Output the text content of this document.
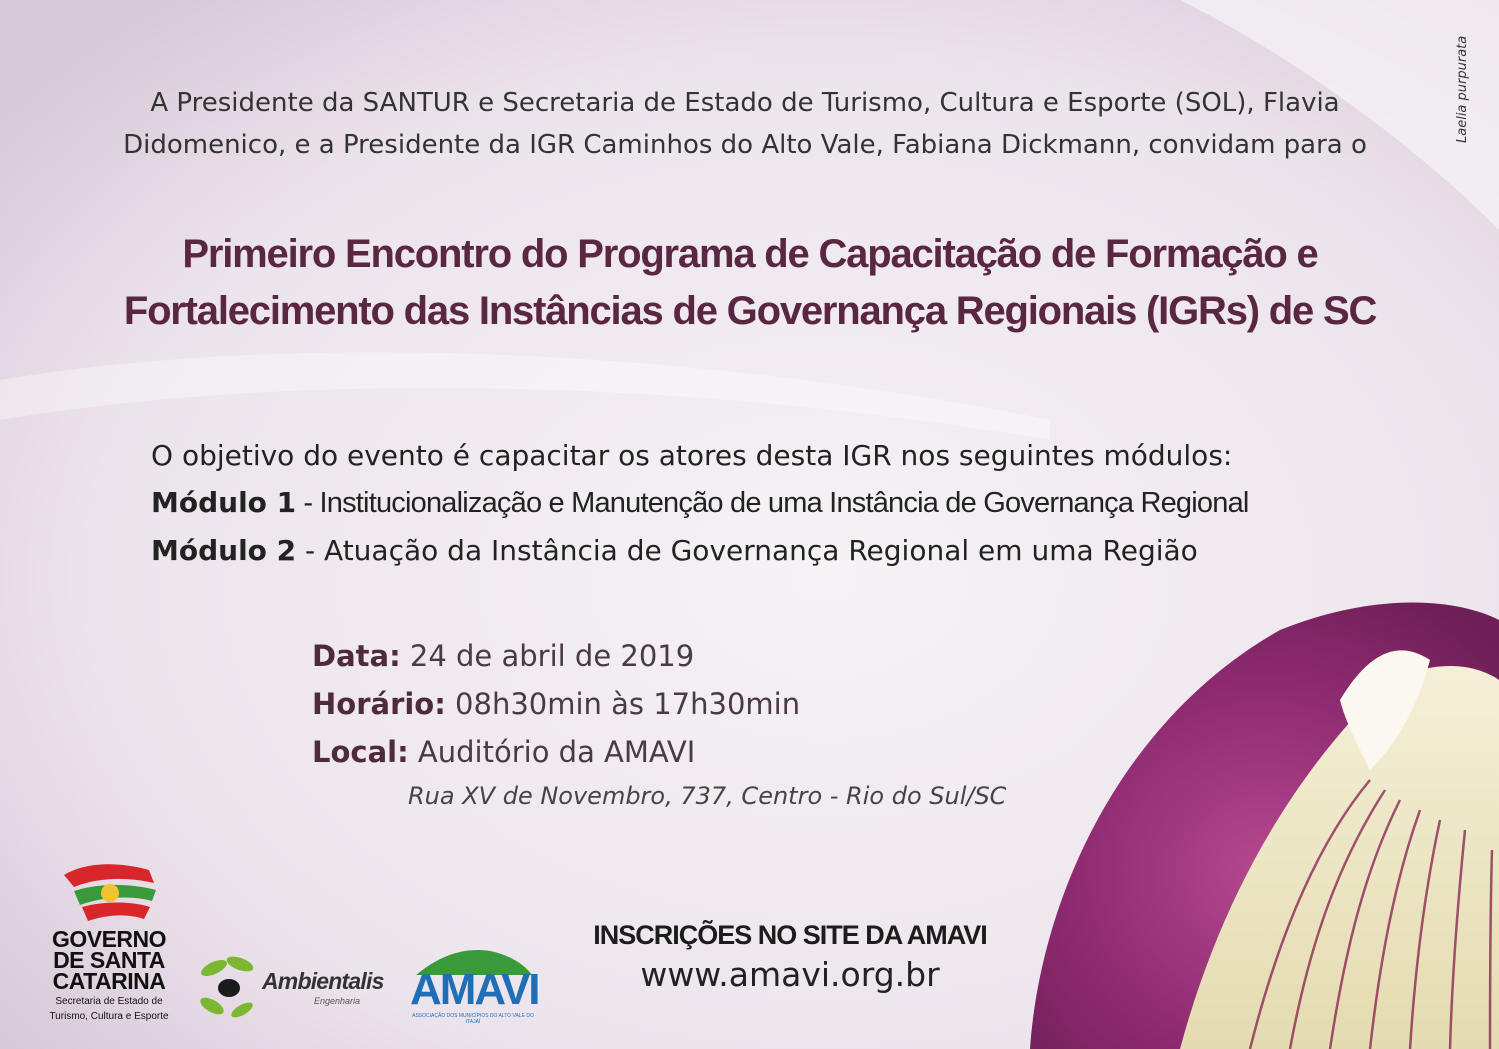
Laelia purpurata
A Presidente da SANTUR e Secretaria de Estado de Turismo, Cultura e Esporte (SOL), Flavia
Didomenico, e a Presidente da IGR Caminhos do Alto Vale, Fabiana Dickmann, convidam para o
Primeiro Encontro do Programa de Capacitação de Formação e
Fortalecimento das Instâncias de Governança Regionais (IGRs) de SC
O objetivo do evento é capacitar os atores desta IGR nos seguintes módulos:
Módulo 1 - Institucionalização e Manutenção de uma Instância de Governança Regional
Módulo 2 - Atuação da Instância de Governança Regional em uma Região
Data: 24 de abril de 2019
Horário: 08h30min às 17h30min
Local: Auditório da AMAVI
Rua XV de Novembro, 737, Centro - Rio do Sul/SC
INSCRIÇÕES NO SITE DA AMAVI
www.amavi.org.br
GOVERNO
DE SANTA
CATARINA
Secretaria de Estado de
Turismo, Cultura e Esporte
Ambientalis
Engenharia AMAVI
ASSOCIAÇÃO DOS MUNICÍPIOS DO ALTO VALE DO ITAJAÍ
